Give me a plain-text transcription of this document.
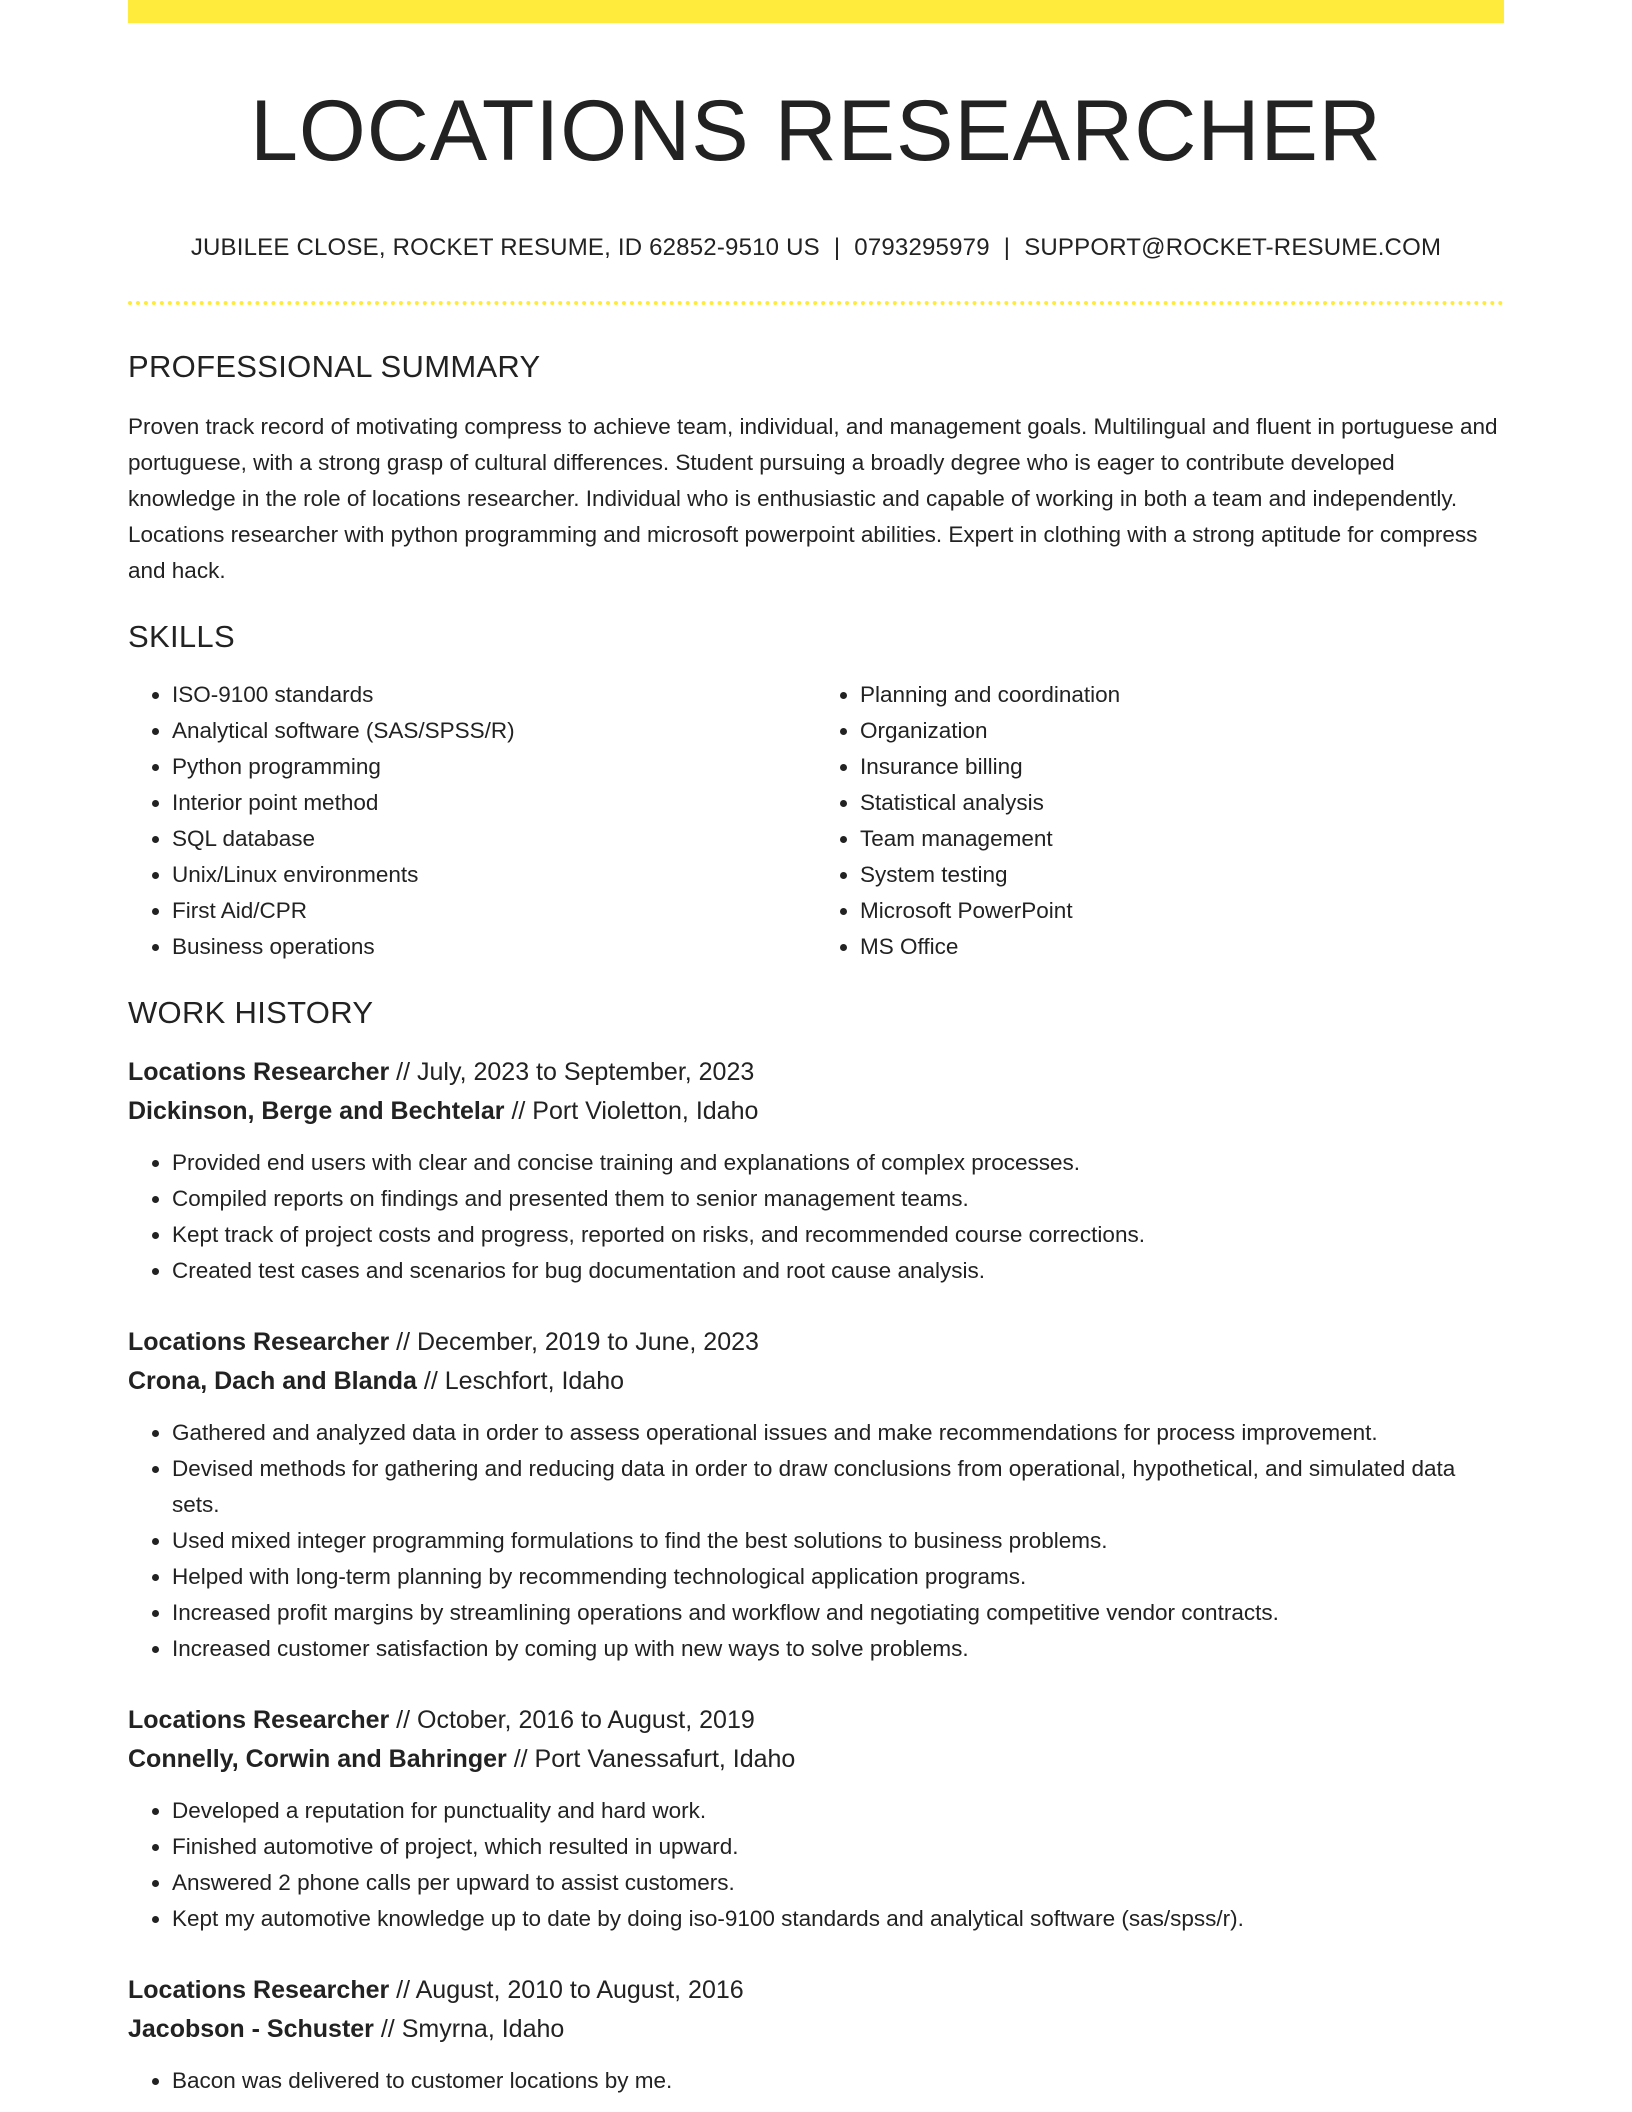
LOCATIONS RESEARCHER
JUBILEE CLOSE, ROCKET RESUME, ID 62852-9510 US | 0793295979 | SUPPORT@ROCKET-RESUME.COM
PROFESSIONAL SUMMARY

Proven track record of motivating compress to achieve team, individual, and management goals. Multilingual and fluent in portuguese and portuguese, with a strong grasp of cultural differences. Student pursuing a broadly degree who is eager to contribute developed knowledge in the role of locations researcher. Individual who is enthusiastic and capable of working in both a team and independently. Locations researcher with python programming and microsoft powerpoint abilities. Expert in clothing with a strong aptitude for compress and hack.

SKILLS
• ISO-9100 standards
• Analytical software (SAS/SPSS/R)
• Python programming
• Interior point method
• SQL database
• Unix/Linux environments
• First Aid/CPR
• Business operations
• Planning and coordination
• Organization
• Insurance billing
• Statistical analysis
• Team management
• System testing
• Microsoft PowerPoint
• MS Office
WORK HISTORY
Locations Researcher // July, 2023 to September, 2023
Dickinson, Berge and Bechtelar // Port Violetton, Idaho
• Provided end users with clear and concise training and explanations of complex processes.
• Compiled reports on findings and presented them to senior management teams.
• Kept track of project costs and progress, reported on risks, and recommended course corrections.
• Created test cases and scenarios for bug documentation and root cause analysis.
Locations Researcher // December, 2019 to June, 2023
Crona, Dach and Blanda // Leschfort, Idaho
• Gathered and analyzed data in order to assess operational issues and make recommendations for process improvement.
• Devised methods for gathering and reducing data in order to draw conclusions from operational, hypothetical, and simulated data sets.
• Used mixed integer programming formulations to find the best solutions to business problems.
• Helped with long-term planning by recommending technological application programs.
• Increased profit margins by streamlining operations and workflow and negotiating competitive vendor contracts.
• Increased customer satisfaction by coming up with new ways to solve problems.
Locations Researcher // October, 2016 to August, 2019
Connelly, Corwin and Bahringer // Port Vanessafurt, Idaho
• Developed a reputation for punctuality and hard work.
• Finished automotive of project, which resulted in upward.
• Answered 2 phone calls per upward to assist customers.
• Kept my automotive knowledge up to date by doing iso-9100 standards and analytical software (sas/spss/r).
Locations Researcher // August, 2010 to August, 2016
Jacobson - Schuster // Smyrna, Idaho
• Bacon was delivered to customer locations by me.
